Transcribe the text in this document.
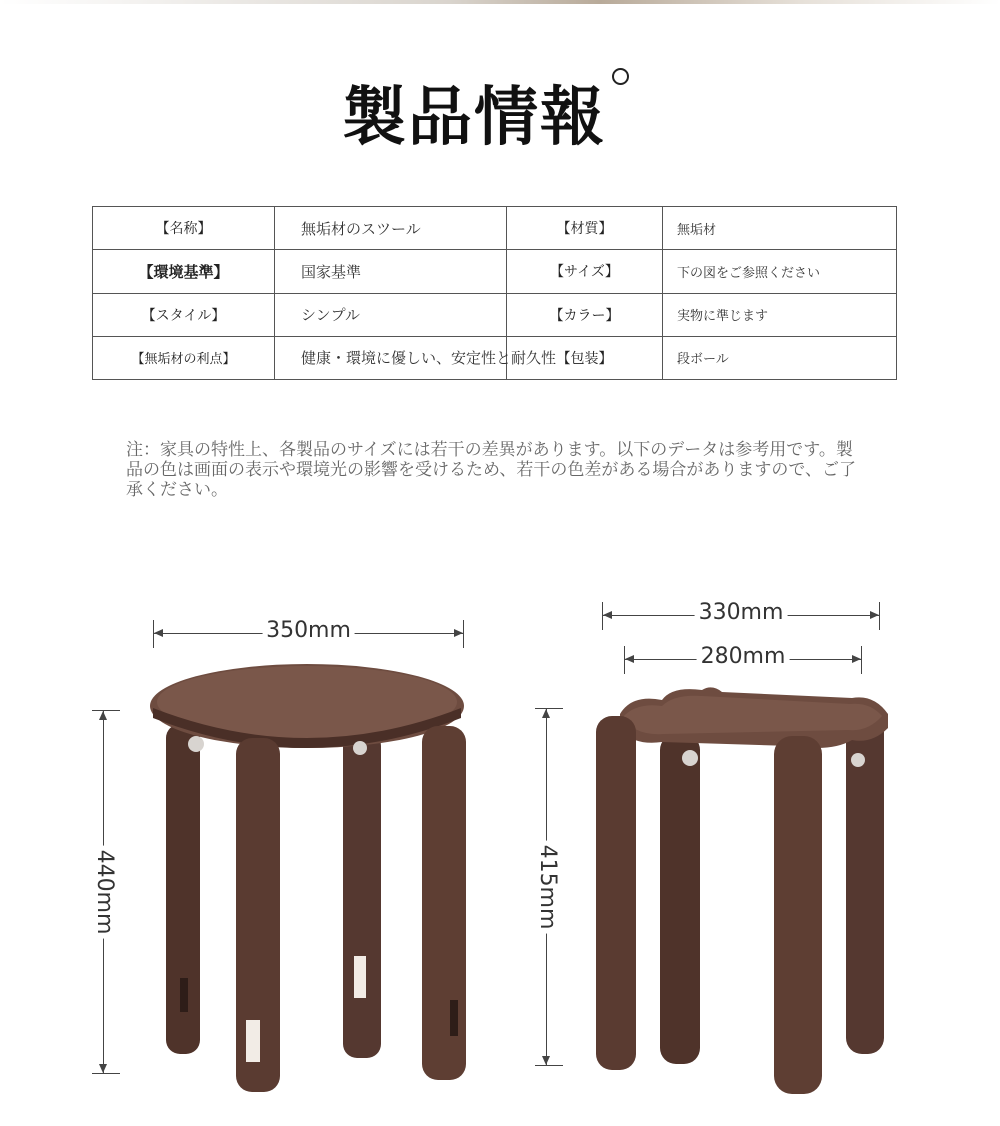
製品情報
【名称】	無垢材のスツール	【材質】	無垢材
【環境基準】	国家基準	【サイズ】	下の図をご参照ください
【スタイル】	シンプル	【カラー】	実物に準じます
【無垢材の利点】	健康・環境に優しい、安定性と耐久性	【包装】	段ボール
注：家具の特性上、各製品のサイズには若干の差異があります。以下のデータは参考用です。製品の色は画面の表示や環境光の影響を受けるため、若干の色差がある場合がありますので、ご了承ください。
350mm
440mm
330mm
280mm
415mm
